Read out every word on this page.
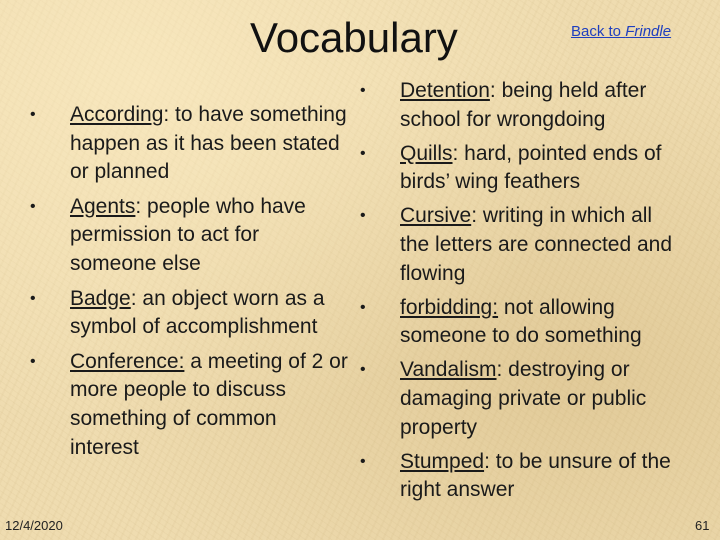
Vocabulary	Back to Frindle
•	According: to have something happen as it has been stated or planned
•	Agents: people who have permission to act for someone else
•	Badge: an object worn as a symbol of accomplishment
•	Conference: a meeting of 2 or more people to discuss something of common interest
•	Detention: being held after school for wrongdoing
•	Quills: hard, pointed ends of birds’ wing feathers
•	Cursive: writing in which all the letters are connected and flowing
•	forbidding: not allowing someone to do something
•	Vandalism: destroying or damaging private or public property
•	Stumped: to be unsure of the right answer
12/4/2020	61
